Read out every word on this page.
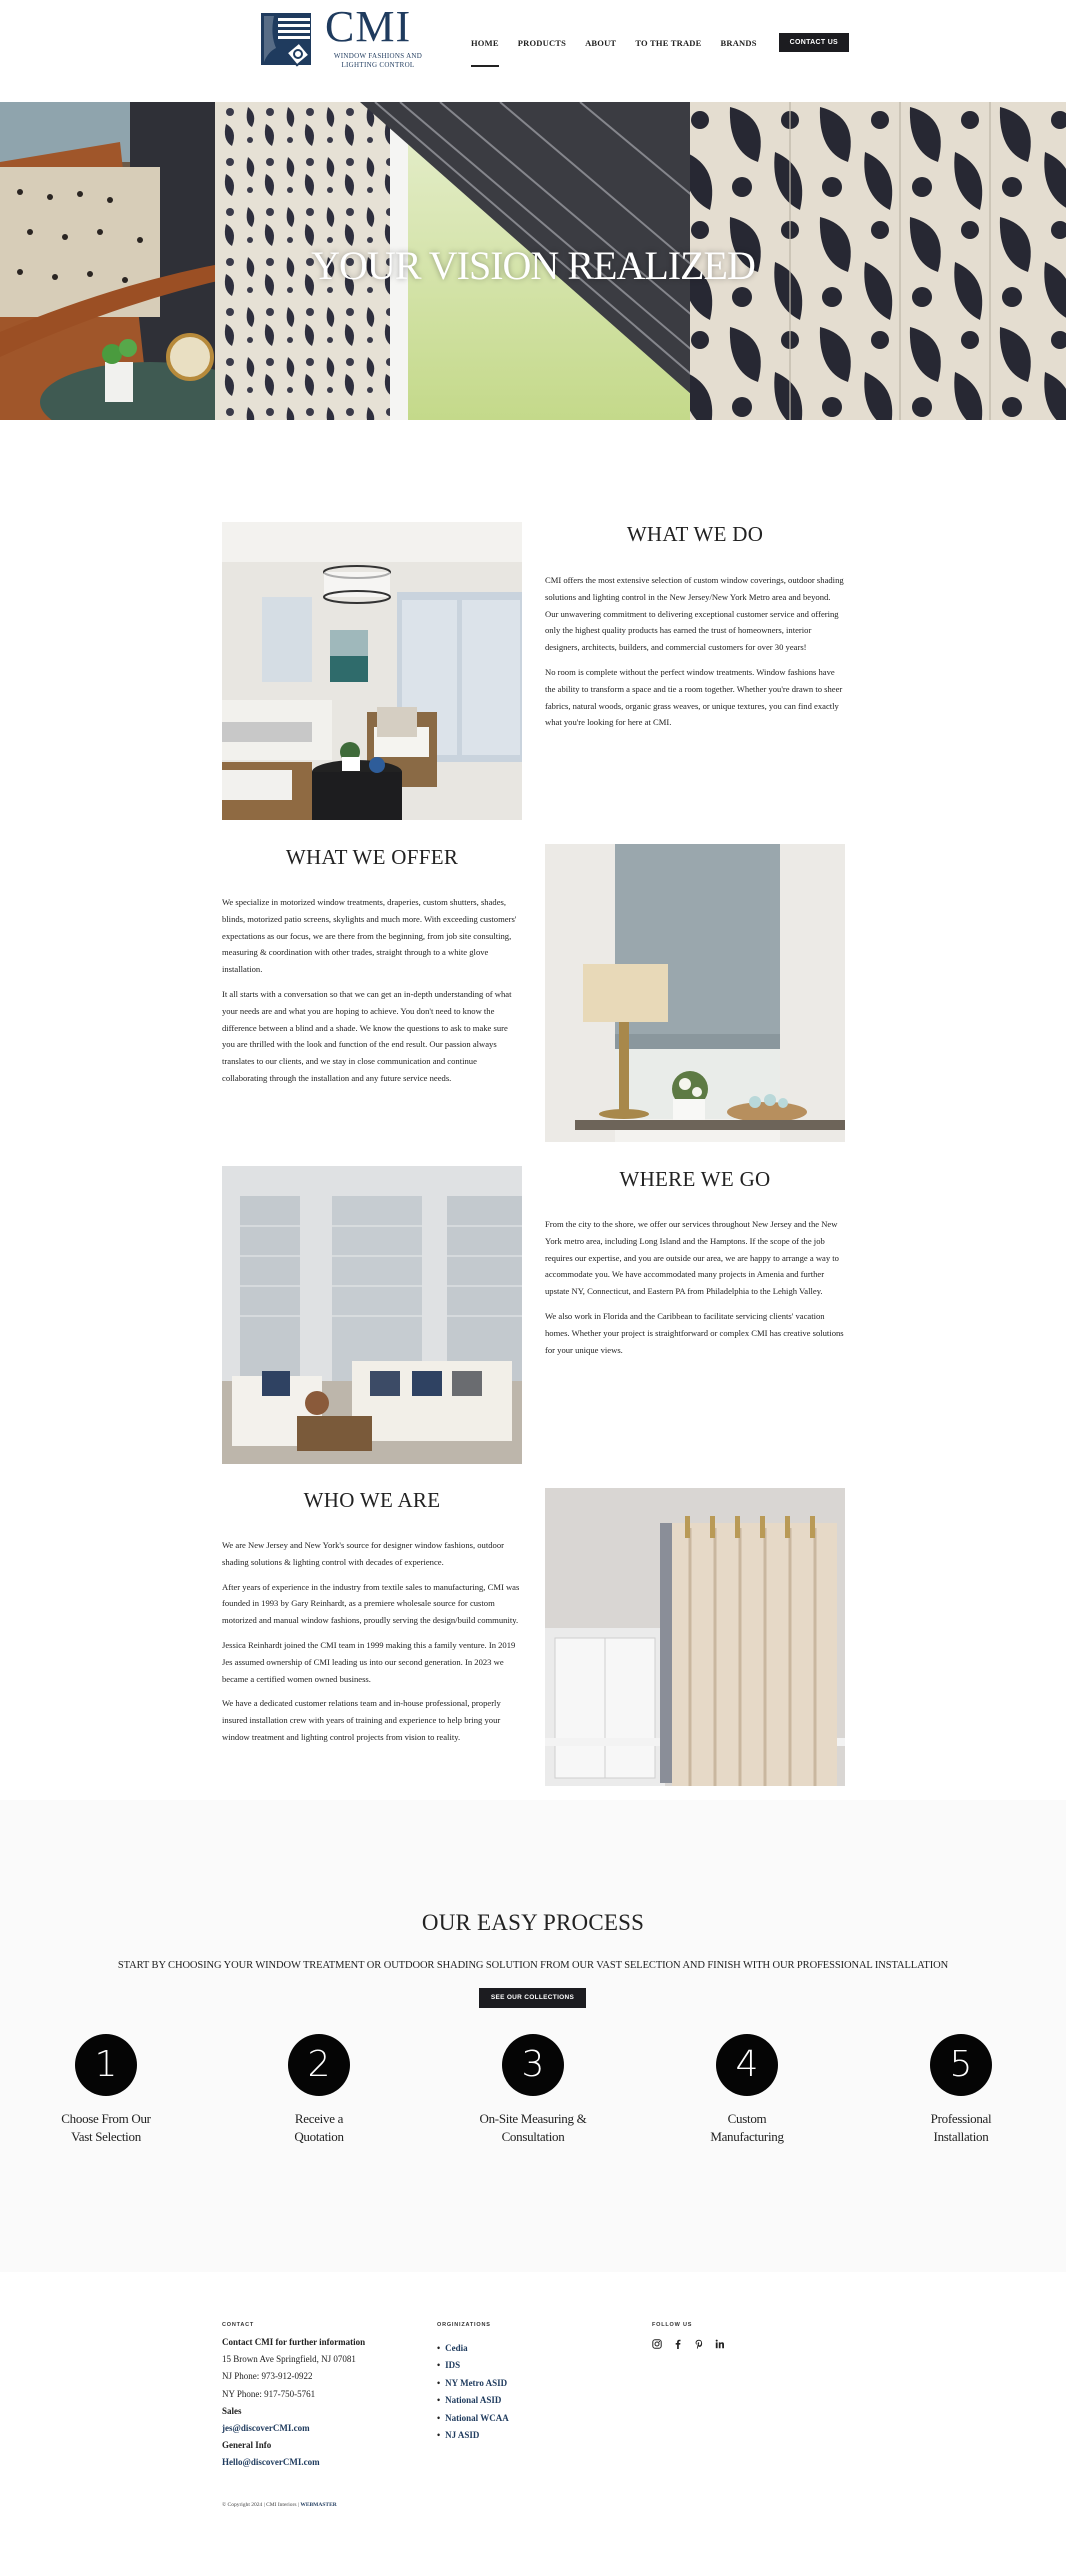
CMI
WINDOW FASHIONS AND
LIGHTING CONTROL
HOME PRODUCTS ABOUT TO THE TRADE BRANDS	CONTACT US
YOUR VISION REALIZED
WHAT WE DO

CMI offers the most extensive selection of custom window coverings, outdoor shading solutions and lighting control in the New Jersey/New York Metro area and beyond. Our unwavering commitment to delivering exceptional customer service and offering only the highest quality products has earned the trust of homeowners, interior designers, architects, builders, and commercial customers for over 30 years!

No room is complete without the perfect window treatments. Window fashions have the ability to transform a space and tie a room together. Whether you're drawn to sheer fabrics, natural woods, organic grass weaves, or unique textures, you can find exactly what you're looking for here at CMI.

WHAT WE OFFER

We specialize in motorized window treatments, draperies, custom shutters, shades, blinds, motorized patio screens, skylights and much more. With exceeding customers' expectations as our focus, we are there from the beginning, from job site consulting, measuring & coordination with other trades, straight through to a white glove installation.

It all starts with a conversation so that we can get an in-depth understanding of what your needs are and what you are hoping to achieve. You don't need to know the difference between a blind and a shade. We know the questions to ask to make sure you are thrilled with the look and function of the end result. Our passion always translates to our clients, and we stay in close communication and continue collaborating through the installation and any future service needs.

WHERE WE GO

From the city to the shore, we offer our services throughout New Jersey and the New York metro area, including Long Island and the Hamptons. If the scope of the job requires our expertise, and you are outside our area, we are happy to arrange a way to accommodate you. We have accommodated many projects in Amenia and further upstate NY, Connecticut, and Eastern PA from Philadelphia to the Lehigh Valley.

We also work in Florida and the Caribbean to facilitate servicing clients' vacation homes. Whether your project is straightforward or complex CMI has creative solutions for your unique views.

WHO WE ARE

We are New Jersey and New York's source for designer window fashions, outdoor shading solutions & lighting control with decades of experience.

After years of experience in the industry from textile sales to manufacturing, CMI was founded in 1993 by Gary Reinhardt, as a premiere wholesale source for custom motorized and manual window fashions, proudly serving the design/build community.

Jessica Reinhardt joined the CMI team in 1999 making this a family venture. In 2019 Jes assumed ownership of CMI leading us into our second generation. In 2023 we became a certified women owned business.

We have a dedicated customer relations team and in-house professional, properly insured installation crew with years of training and experience to help bring your window treatment and lighting control projects from vision to reality.

OUR EASY PROCESS
START BY CHOOSING YOUR WINDOW TREATMENT OR OUTDOOR SHADING SOLUTION FROM OUR VAST SELECTION AND FINISH WITH OUR PROFESSIONAL INSTALLATION
SEE OUR COLLECTIONS
1
Choose From Our
Vast Selection
2
Receive a
Quotation
3
On-Site Measuring &
Consultation
4
Custom
Manufacturing
5
Professional
Installation
CONTACT
Contact CMI for further information
15 Brown Ave Springfield, NJ 07081
NJ Phone: 973-912-0922
NY Phone: 917-750-5761
Sales
jes@discoverCMI.com
General Info
Hello@discoverCMI.com
ORGINIZATIONS
• Cedia
• IDS
• NY Metro ASID
• National ASID
• National WCAA
• NJ ASID
FOLLOW US
© Copyright 2024 | CMI Interiors | WEBMASTER
